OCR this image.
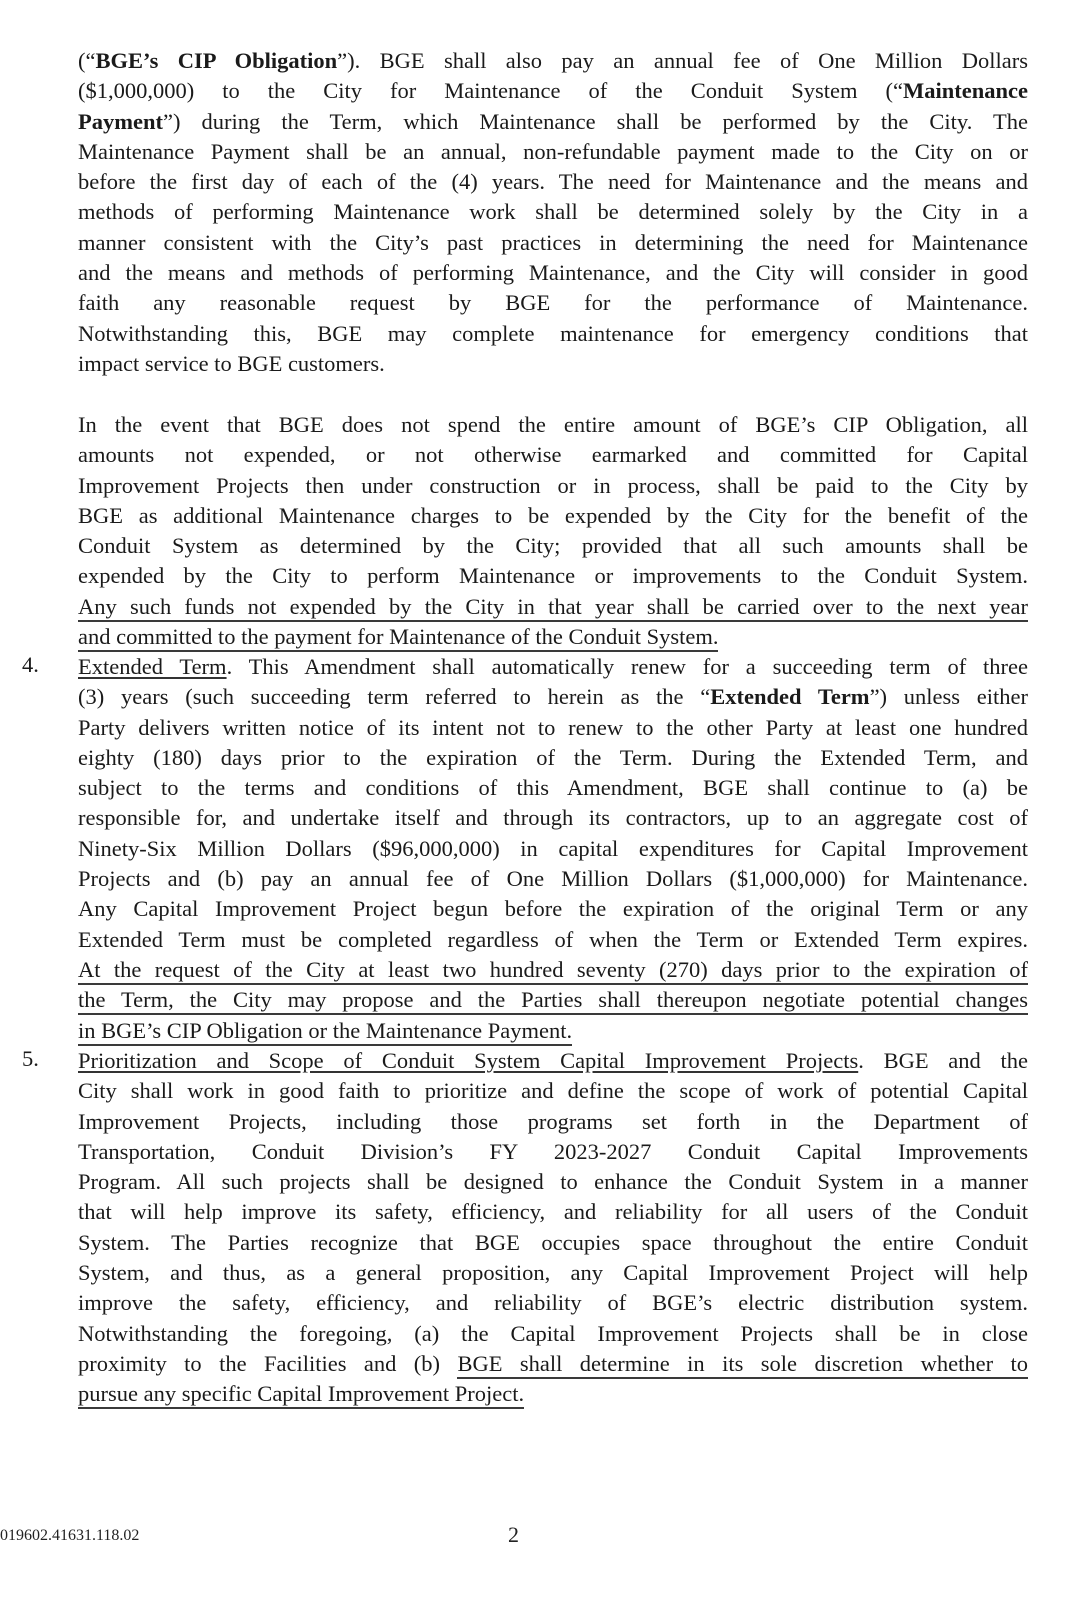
(“BGE’s CIP Obligation”). BGE shall also pay an annual fee of One Million Dollars
($1,000,000) to the City for Maintenance of the Conduit System (“Maintenance
Payment”) during the Term, which Maintenance shall be performed by the City. The
Maintenance Payment shall be an annual, non-refundable payment made to the City on or
before the first day of each of the (4) years. The need for Maintenance and the means and
methods of performing Maintenance work shall be determined solely by the City in a
manner consistent with the City’s past practices in determining the need for Maintenance
and the means and methods of performing Maintenance, and the City will consider in good
faith any reasonable request by BGE for the performance of Maintenance.
Notwithstanding this, BGE may complete maintenance for emergency conditions that
impact service to BGE customers.
In the event that BGE does not spend the entire amount of BGE’s CIP Obligation, all
amounts not expended, or not otherwise earmarked and committed for Capital
Improvement Projects then under construction or in process, shall be paid to the City by
BGE as additional Maintenance charges to be expended by the City for the benefit of the
Conduit System as determined by the City; provided that all such amounts shall be
expended by the City to perform Maintenance or improvements to the Conduit System.
Any such funds not expended by the City in that year shall be carried over to the next year
and committed to the payment for Maintenance of the Conduit System.
4. Extended Term. This Amendment shall automatically renew for a succeeding term of three
(3) years (such succeeding term referred to herein as the “Extended Term”) unless either
Party delivers written notice of its intent not to renew to the other Party at least one hundred
eighty (180) days prior to the expiration of the Term. During the Extended Term, and
subject to the terms and conditions of this Amendment, BGE shall continue to (a) be
responsible for, and undertake itself and through its contractors, up to an aggregate cost of
Ninety-Six Million Dollars ($96,000,000) in capital expenditures for Capital Improvement
Projects and (b) pay an annual fee of One Million Dollars ($1,000,000) for Maintenance.
Any Capital Improvement Project begun before the expiration of the original Term or any
Extended Term must be completed regardless of when the Term or Extended Term expires.
At the request of the City at least two hundred seventy (270) days prior to the expiration of
the Term, the City may propose and the Parties shall thereupon negotiate potential changes
in BGE’s CIP Obligation or the Maintenance Payment.
5. Prioritization and Scope of Conduit System Capital Improvement Projects. BGE and the
City shall work in good faith to prioritize and define the scope of work of potential Capital
Improvement Projects, including those programs set forth in the Department of
Transportation, Conduit Division’s FY 2023-2027 Conduit Capital Improvements
Program. All such projects shall be designed to enhance the Conduit System in a manner
that will help improve its safety, efficiency, and reliability for all users of the Conduit
System. The Parties recognize that BGE occupies space throughout the entire Conduit
System, and thus, as a general proposition, any Capital Improvement Project will help
improve the safety, efficiency, and reliability of BGE’s electric distribution system.
Notwithstanding the foregoing, (a) the Capital Improvement Projects shall be in close
proximity to the Facilities and (b) BGE shall determine in its sole discretion whether to
pursue any specific Capital Improvement Project.
019602.41631.118.02	2
